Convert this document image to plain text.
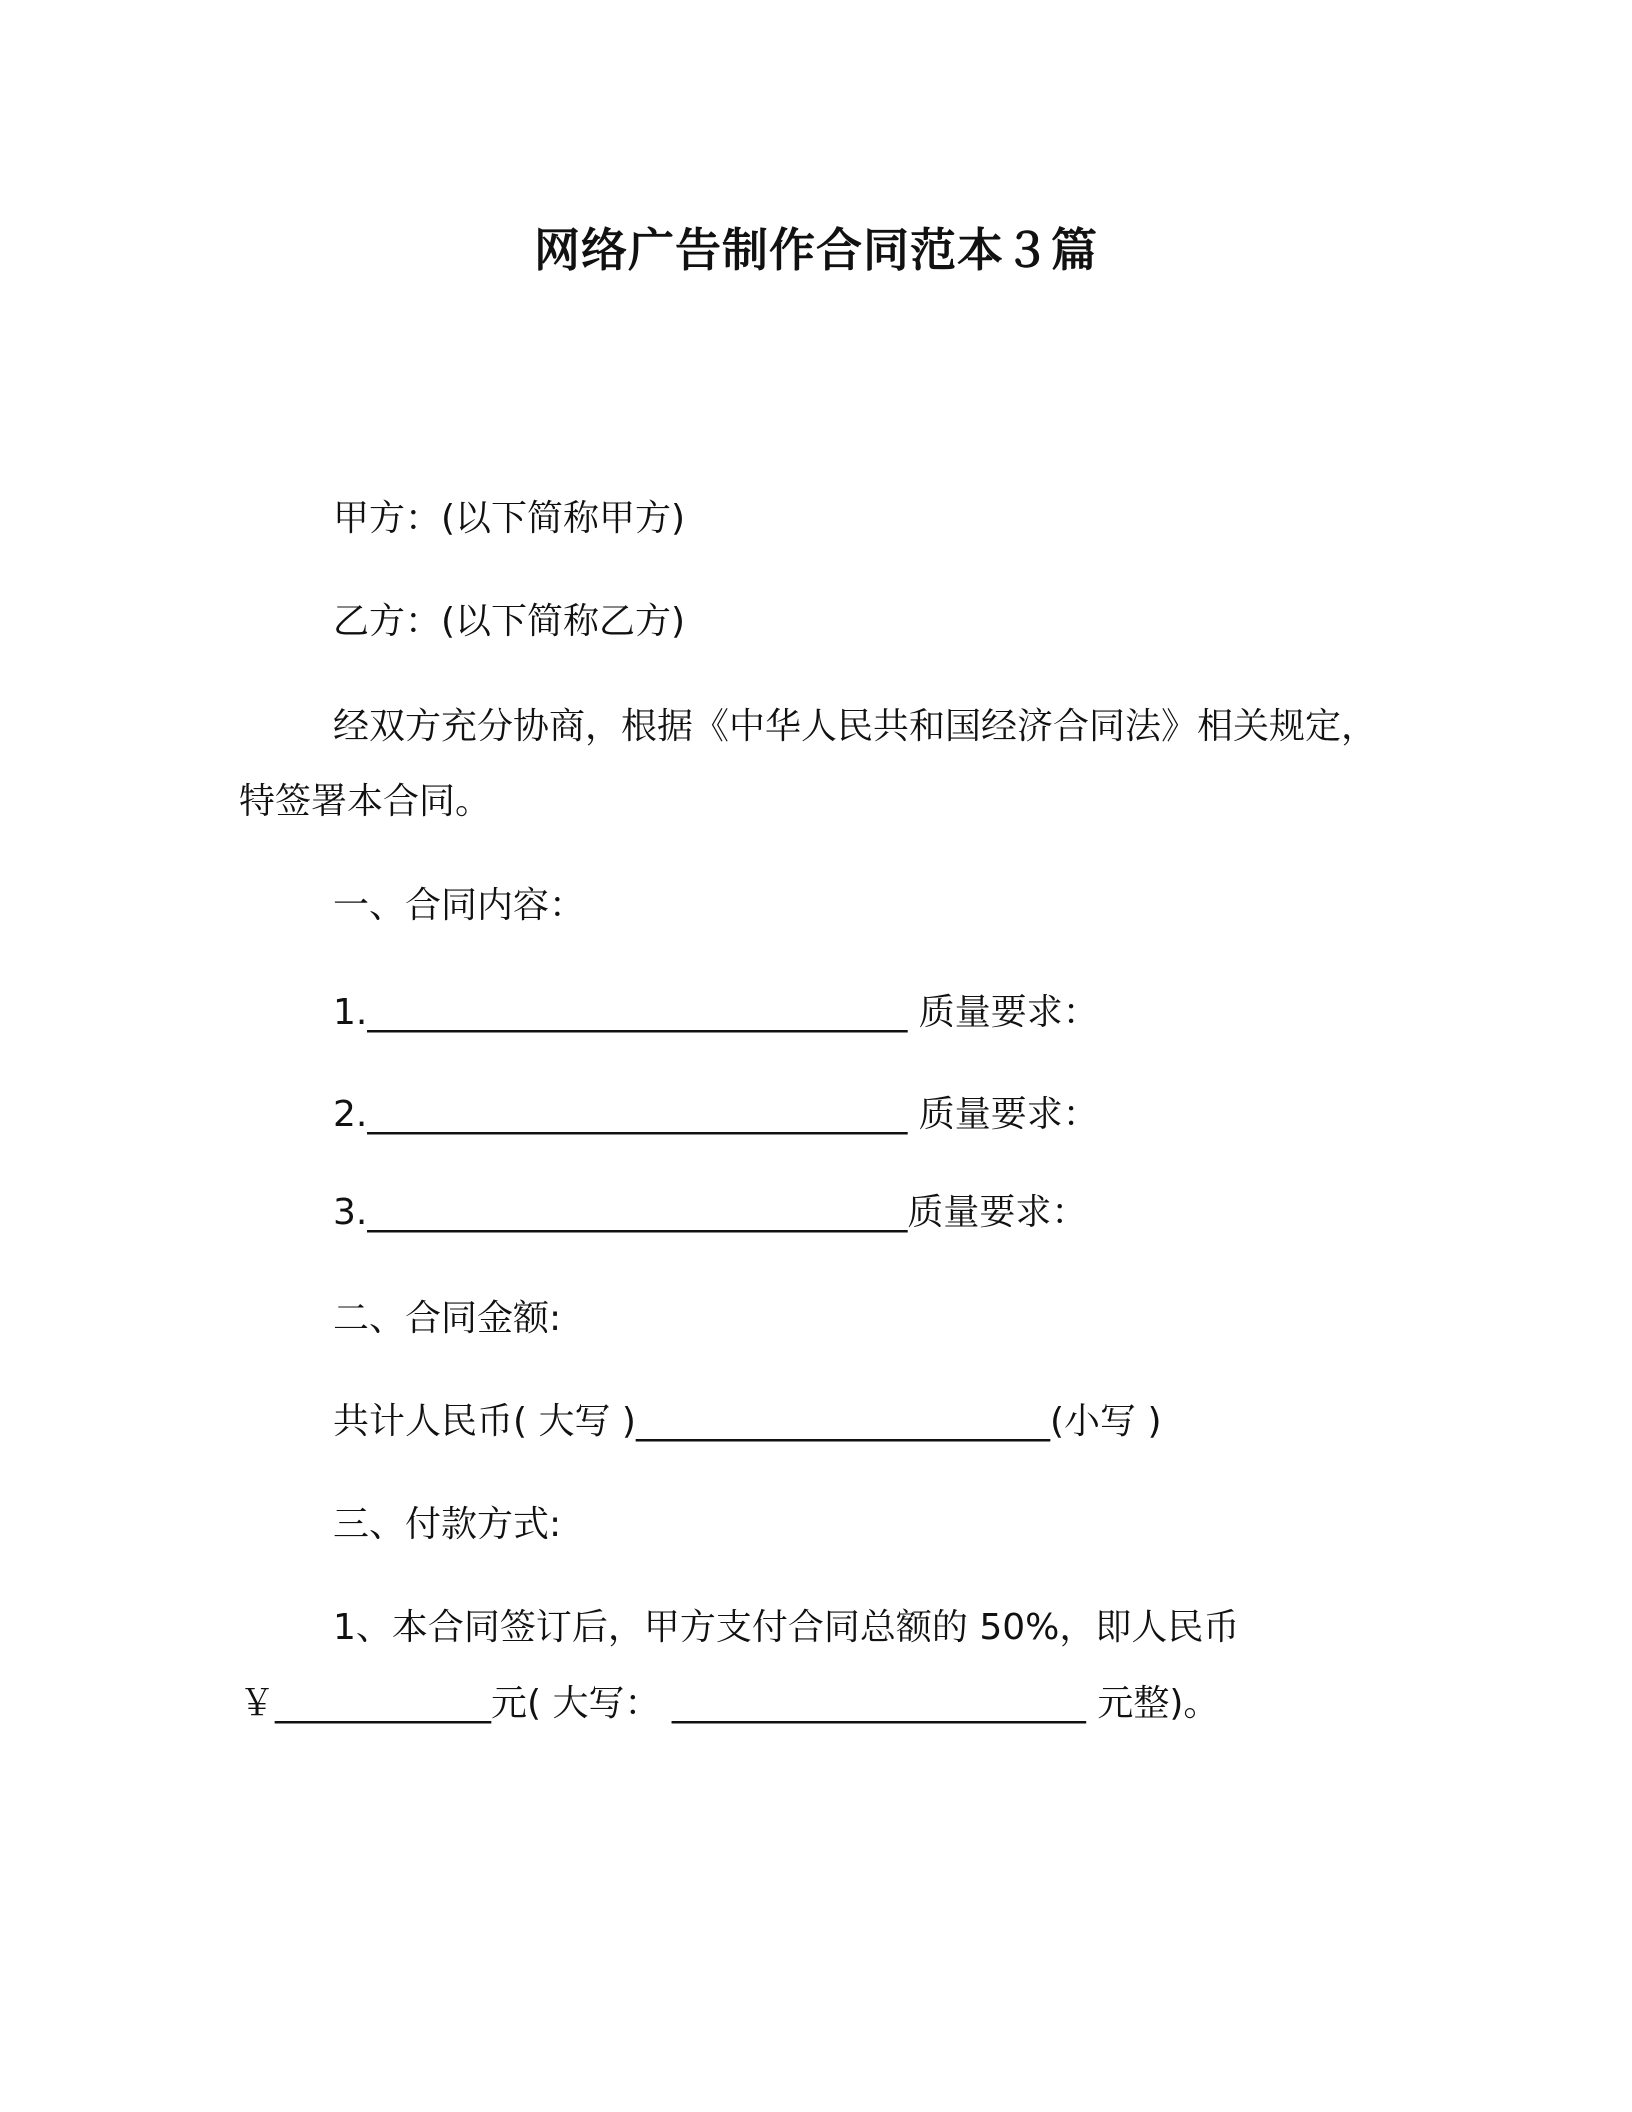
网络广告制作合同范本３篇
甲方：(以下简称甲方)
乙方：(以下简称乙方)
经双方充分协商，根据《中华人民共和国经济合同法》相关规定，
特签署本合同。
一、合同内容：
1.______________________________ 质量要求：
2.______________________________ 质量要求：
3.______________________________质量要求：
二、合同金额:
共计人民币( 大写 )_______________________(小写 )
三、付款方式:
1、本合同签订后，甲方支付合同总额的 50%，即人民币
￥____________元( 大写： _______________________ 元整)。
